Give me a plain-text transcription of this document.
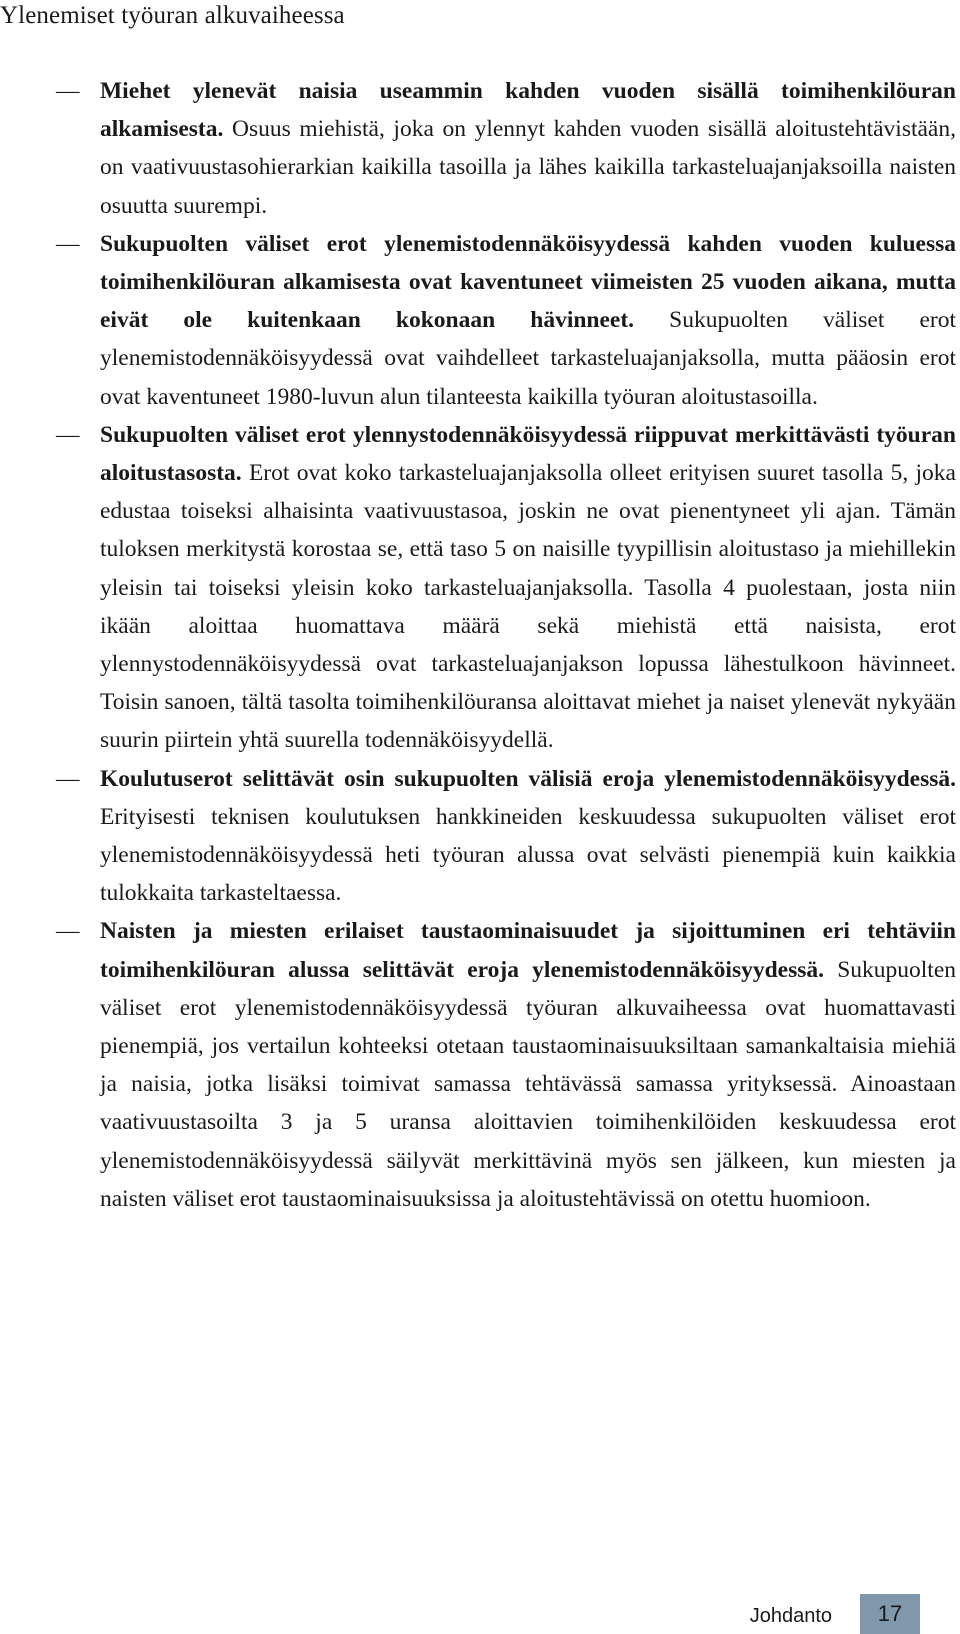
Ylenemiset työuran alkuvaiheessa
— Miehet ylenevät naisia useammin kahden vuoden sisällä toimihenkilöuran alkamisesta. Osuus miehistä, joka on ylennyt kahden vuoden sisällä aloitustehtävistään, on vaativuustasohierarkian kaikilla tasoilla ja lähes kaikilla tarkasteluajanjaksoilla naisten osuutta suurempi.
— Sukupuolten väliset erot ylenemistodennäköisyydessä kahden vuoden kuluessa toimihenkilöuran alkamisesta ovat kaventuneet viimeisten 25 vuoden aikana, mutta eivät ole kuitenkaan kokonaan hävinneet. Sukupuolten väliset erot ylenemistodennäköisyydessä ovat vaihdelleet tarkasteluajanjaksolla, mutta pääosin erot ovat kaventuneet 1980-luvun alun tilanteesta kaikilla työuran aloitustasoilla.
— Sukupuolten väliset erot ylennystodennäköisyydessä riippuvat merkittävästi työuran aloitustasosta. Erot ovat koko tarkasteluajanjaksolla olleet erityisen suuret tasolla 5, joka edustaa toiseksi alhaisinta vaativuustasoa, joskin ne ovat pienentyneet yli ajan. Tämän tuloksen merkitystä korostaa se, että taso 5 on naisille tyypillisin aloitustaso ja miehillekin yleisin tai toiseksi yleisin koko tarkasteluajanjaksolla. Tasolla 4 puolestaan, josta niin ikään aloittaa huomattava määrä sekä miehistä että naisista, erot ylennystodennäköisyydessä ovat tarkasteluajanjakson lopussa lähestulkoon hävinneet. Toisin sanoen, tältä tasolta toimihenkilöuransa aloittavat miehet ja naiset ylenevät nykyään suurin piirtein yhtä suurella todennäköisyydellä.
— Koulutuserot selittävät osin sukupuolten välisiä eroja ylenemistodennäköisyydessä. Erityisesti teknisen koulutuksen hankkineiden keskuudessa sukupuolten väliset erot ylenemistodennäköisyydessä heti työuran alussa ovat selvästi pienempiä kuin kaikkia tulokkaita tarkasteltaessa.
— Naisten ja miesten erilaiset taustaominaisuudet ja sijoittuminen eri tehtäviin toimihenkilöuran alussa selittävät eroja ylenemistodennäköisyydessä. Sukupuolten väliset erot ylenemistodennäköisyydessä työuran alkuvaiheessa ovat huomattavasti pienempiä, jos vertailun kohteeksi otetaan taustaominaisuuksiltaan samankaltaisia miehiä ja naisia, jotka lisäksi toimivat samassa tehtävässä samassa yrityksessä. Ainoastaan vaativuustasoilta 3 ja 5 uransa aloittavien toimihenkilöiden keskuudessa erot ylenemistodennäköisyydessä säilyvät merkittävinä myös sen jälkeen, kun miesten ja naisten väliset erot taustaominaisuuksissa ja aloitustehtävissä on otettu huomioon.
Johdanto	17
